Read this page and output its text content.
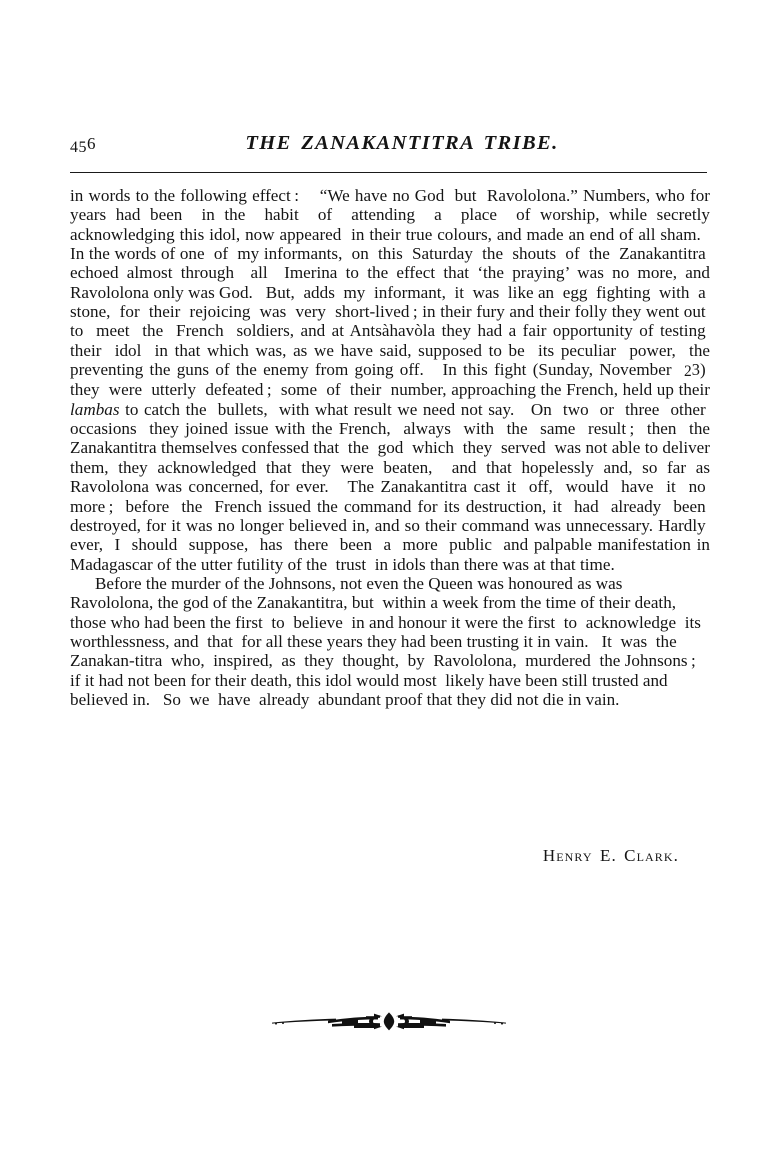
456	THE ZANAKANTITRA TRIBE.

in words to the following effect :    “We have no God  but  Ravololona.” Numbers, who for years had been  in the  habit  of  attending  a  place  of worship, while secretly acknowledging this idol, now appeared  in their true colours, and made an end of all sham.   In the words of one  of  my informants,  on  this  Saturday  the  shouts  of  the  Zanakantitra  echoed almost through  all  Imerina to the effect that ‘the praying’ was no more, and Ravololona only was God.   But,  adds  my  informant,  it  was  like an  egg  fighting  with  a  stone,  for  their  rejoicing  was  very  short-lived ; in their fury and their folly they went out  to  meet  the  French  soldiers, and at Antsàhavòla they had a fair opportunity of testing  their  idol  in that which was, as we have said, supposed to be  its peculiar  power,  the preventing the guns of the enemy from going off.   In this fight (Sunday, November  23)  they  were  utterly  defeated ;  some  of  their  number, approaching the French, held up their lambas to catch the  bullets,  with what result we need not say.   On  two  or  three  other  occasions  they joined issue with the French,  always  with  the  same  result ;  then  the Zanakantitra themselves confessed that  the  god  which  they  served  was not able to deliver them, they acknowledged that they were beaten,  and that hopelessly and, so far as Ravololona was concerned, for ever.   The Zanakantitra cast it  off,  would  have  it  no  more ;  before  the  French issued the command for its destruction, it  had  already  been  destroyed, for it was no longer believed in, and so their command was unnecessary. Hardly  ever,  I  should  suppose,  has  there  been  a  more  public  and palpable manifestation in Madagascar of the utter futility of the  trust  in idols than there was at that time.

Before the murder of the Johnsons, not even the Queen was honoured as was Ravololona, the god of the Zanakantitra, but  within a week from the time of their death, those who had been the first  to  believe  in and honour it were the first  to  acknowledge  its  worthlessness, and  that  for all these years they had been trusting it in vain.   It  was  the  Zanakan-titra  who,  inspired,  as  they  thought,  by  Ravololona,  murdered  the Johnsons ; if it had not been for their death, this idol would most  likely have been still trusted and believed in.   So  we  have  already  abundant proof that they did not die in vain.

Henry E. Clark.
